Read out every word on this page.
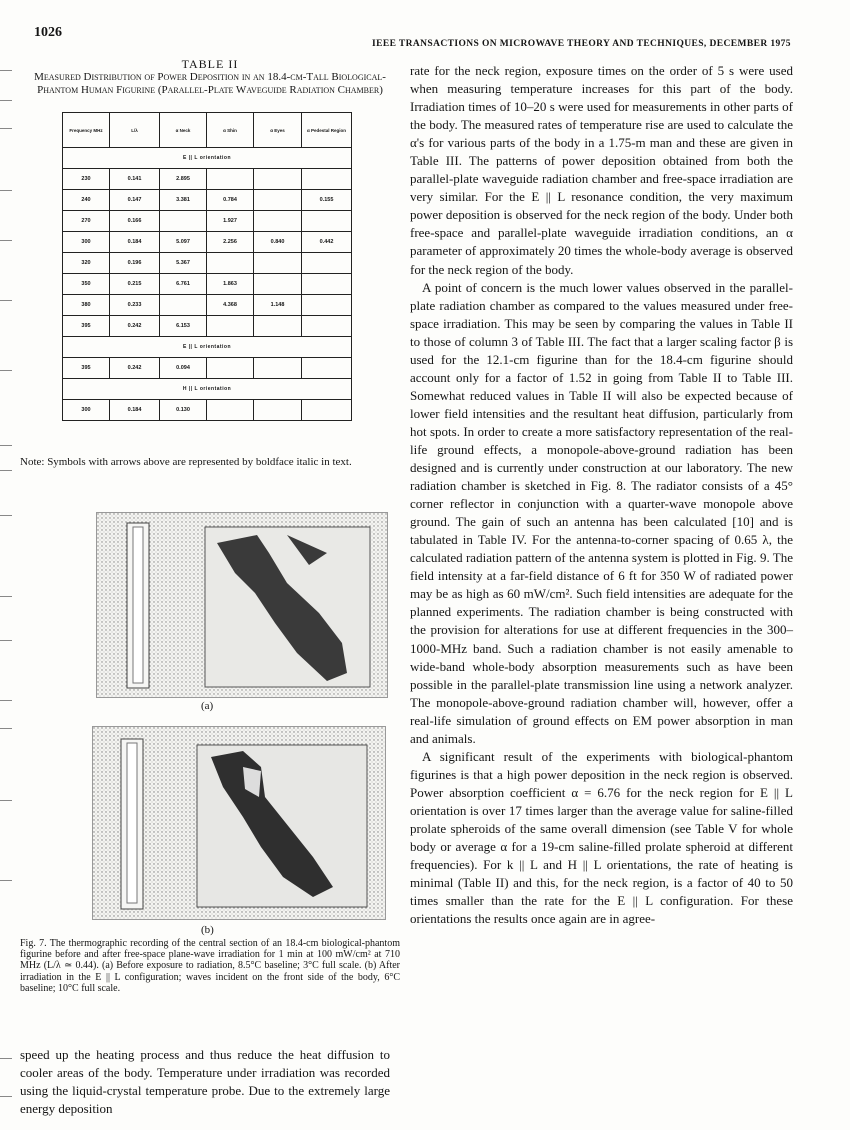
1026
IEEE TRANSACTIONS ON MICROWAVE THEORY AND TECHNIQUES, DECEMBER 1975
TABLE II
Measured Distribution of Power Deposition in an 18.4-cm-Tall Biological-Phantom Human Figurine (Parallel-Plate Waveguide Radiation Chamber)
Frequency MHz	L/λ	α Neck	α Shin	α Eyes	α Pedestal Region
E || L orientation					
230	0.141	2.895			
240	0.147	3.381	0.784		0.155
270	0.166		1.927		
300	0.184	5.097	2.256	0.840	0.442
320	0.196	5.367			
350	0.215	6.761	1.863		
380	0.233		4.368	1.148	
395	0.242	6.153			
E || L orientation					
395	0.242	0.094			
H || L orientation					
300	0.184	0.130			
Note: Symbols with arrows above are represented by boldface italic in text.
(a)
(b)
Fig. 7. The thermographic recording of the central section of an 18.4-cm biological-phantom figurine before and after free-space plane-wave irradiation for 1 min at 100 mW/cm² at 710 MHz (L/λ ≃ 0.44). (a) Before exposure to radiation, 8.5°C baseline; 3°C full scale. (b) After irradiation in the E || L configuration; waves incident on the front side of the body, 6°C baseline; 10°C full scale.
speed up the heating process and thus reduce the heat diffusion to cooler areas of the body. Temperature under irradiation was recorded using the liquid-crystal temperature probe. Due to the extremely large energy deposition

rate for the neck region, exposure times on the order of 5 s were used when measuring temperature increases for this part of the body. Irradiation times of 10–20 s were used for measurements in other parts of the body. The measured rates of temperature rise are used to calculate the α's for various parts of the body in a 1.75-m man and these are given in Table III. The patterns of power deposition obtained from both the parallel-plate waveguide radiation chamber and free-space irradiation are very similar. For the E || L resonance condition, the very maximum power deposition is observed for the neck region of the body. Under both free-space and parallel-plate waveguide irradiation conditions, an α parameter of approximately 20 times the whole-body average is observed for the neck region of the body.

A point of concern is the much lower values observed in the parallel-plate radiation chamber as compared to the values measured under free-space irradiation. This may be seen by comparing the values in Table II to those of column 3 of Table III. The fact that a larger scaling factor β is used for the 12.1-cm figurine than for the 18.4-cm figurine should account only for a factor of 1.52 in going from Table II to Table III. Somewhat reduced values in Table II will also be expected because of lower field intensities and the resultant heat diffusion, particularly from hot spots. In order to create a more satisfactory representation of the real-life ground effects, a monopole-above-ground radiation has been designed and is currently under construction at our laboratory. The new radiation chamber is sketched in Fig. 8. The radiator consists of a 45° corner reflector in conjunction with a quarter-wave monopole above ground. The gain of such an antenna has been calculated [10] and is tabulated in Table IV. For the antenna-to-corner spacing of 0.65 λ, the calculated radiation pattern of the antenna system is plotted in Fig. 9. The field intensity at a far-field distance of 6 ft for 350 W of radiated power may be as high as 60 mW/cm². Such field intensities are adequate for the planned experiments. The radiation chamber is being constructed with the provision for alterations for use at different frequencies in the 300–1000-MHz band. Such a radiation chamber is not easily amenable to wide-band whole-body absorption measurements such as have been possible in the parallel-plate transmission line using a network analyzer. The monopole-above-ground radiation chamber will, however, offer a real-life simulation of ground effects on EM power absorption in man and animals.

A significant result of the experiments with biological-phantom figurines is that a high power deposition in the neck region is observed. Power absorption coefficient α = 6.76 for the neck region for E || L orientation is over 17 times larger than the average value for saline-filled prolate spheroids of the same overall dimension (see Table V for whole body or average α for a 19-cm saline-filled prolate spheroid at different frequencies). For k || L and H || L orientations, the rate of heating is minimal (Table II) and this, for the neck region, is a factor of 40 to 50 times smaller than the rate for the E || L configuration. For these orientations the results once again are in agree-
